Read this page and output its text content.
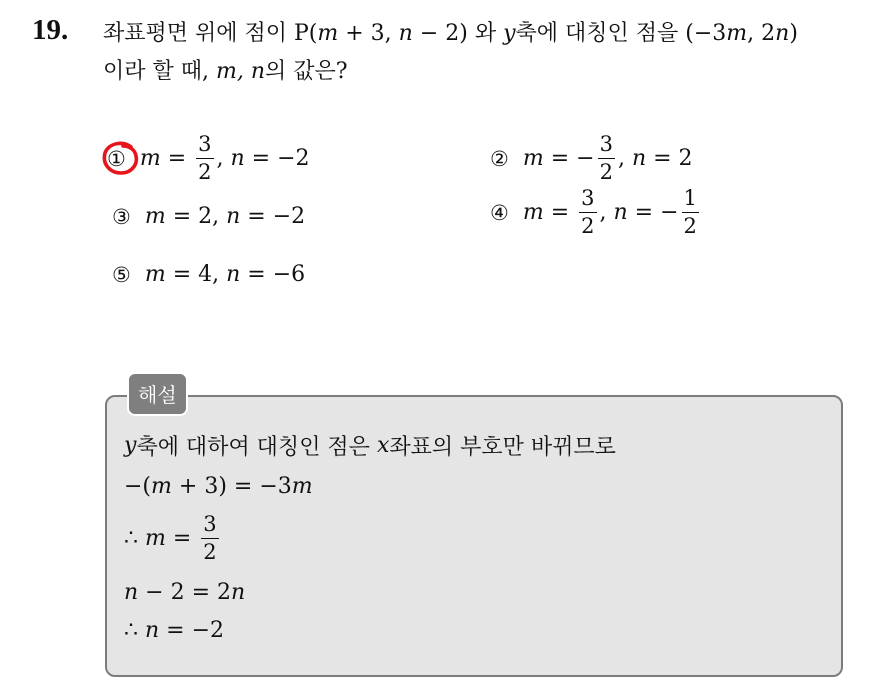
19. 좌표평면 위에 점이 P(m + 3, n − 2) 와 y축에 대칭인 점을 (−3m, 2n)
이라 할 때, m, n의 값은?
① $m = \frac{3}{2}$ , n = −2	② m = − $\frac{3}{2}$ , n = 2
③ m = 2, n = −2	④ $m = \frac{3}{2}$ , n = − $\frac{1}{2}$
⑤ m = 4, n = −6
해설
y 축에 대하여 대칭인 점은 x 좌표의 부호만 바뀌므로
−( m + 3) = −3 m
∴ $m = \frac{3}{2}$
n − 2 = 2 n
∴ n = −2
